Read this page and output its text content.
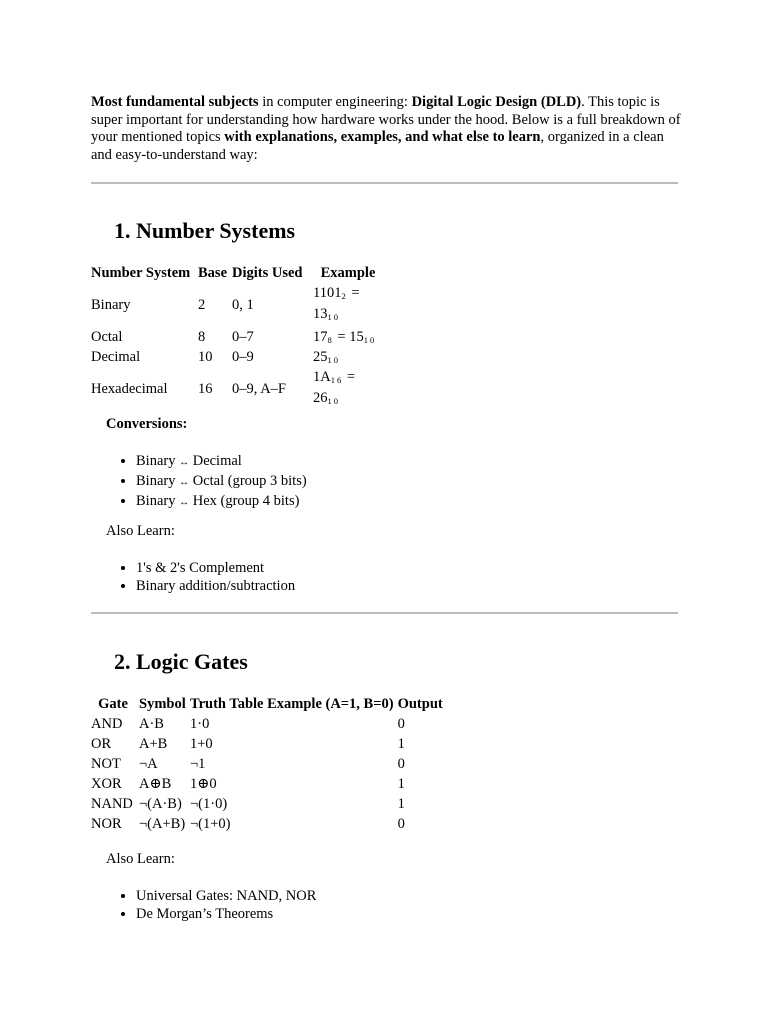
Most fundamental subjects in computer engineering: Digital Logic Design (DLD). This topic is super important for understanding how hardware works under the hood. Below is a full breakdown of your mentioned topics with explanations, examples, and what else to learn, organized in a clean and easy-to-understand way:

1. Number Systems
Number System	Base	Digits Used	Example
Binary	2	0, 1	$1101_2 = 13_{10}$

Octal	8	0–7	$17_8 = 15_{10}$
Decimal	10	0–9	$25_{10}$
Hexadecimal	16	0–9, A–F	$1A_{16} = 26_{10}$
Conversions:
• Binary ↔ Decimal
• Binary ↔ Octal (group 3 bits)
• Binary ↔ Hex (group 4 bits)
Also Learn:
• 1's & 2's Complement
• Binary addition/subtraction
2. Logic Gates
Gate	Symbol	Truth Table Example (A=1, B=0)	Output
AND	A·B	1·0	0
OR	A+B	1+0	1
NOT	¬A	¬1	0
XOR	A⊕B	1⊕0	1
NAND	¬(A·B)	¬(1·0)	1
NOR	¬(A+B)	¬(1+0)	0
Also Learn:
• Universal Gates: NAND, NOR
• De Morgan’s Theorems
